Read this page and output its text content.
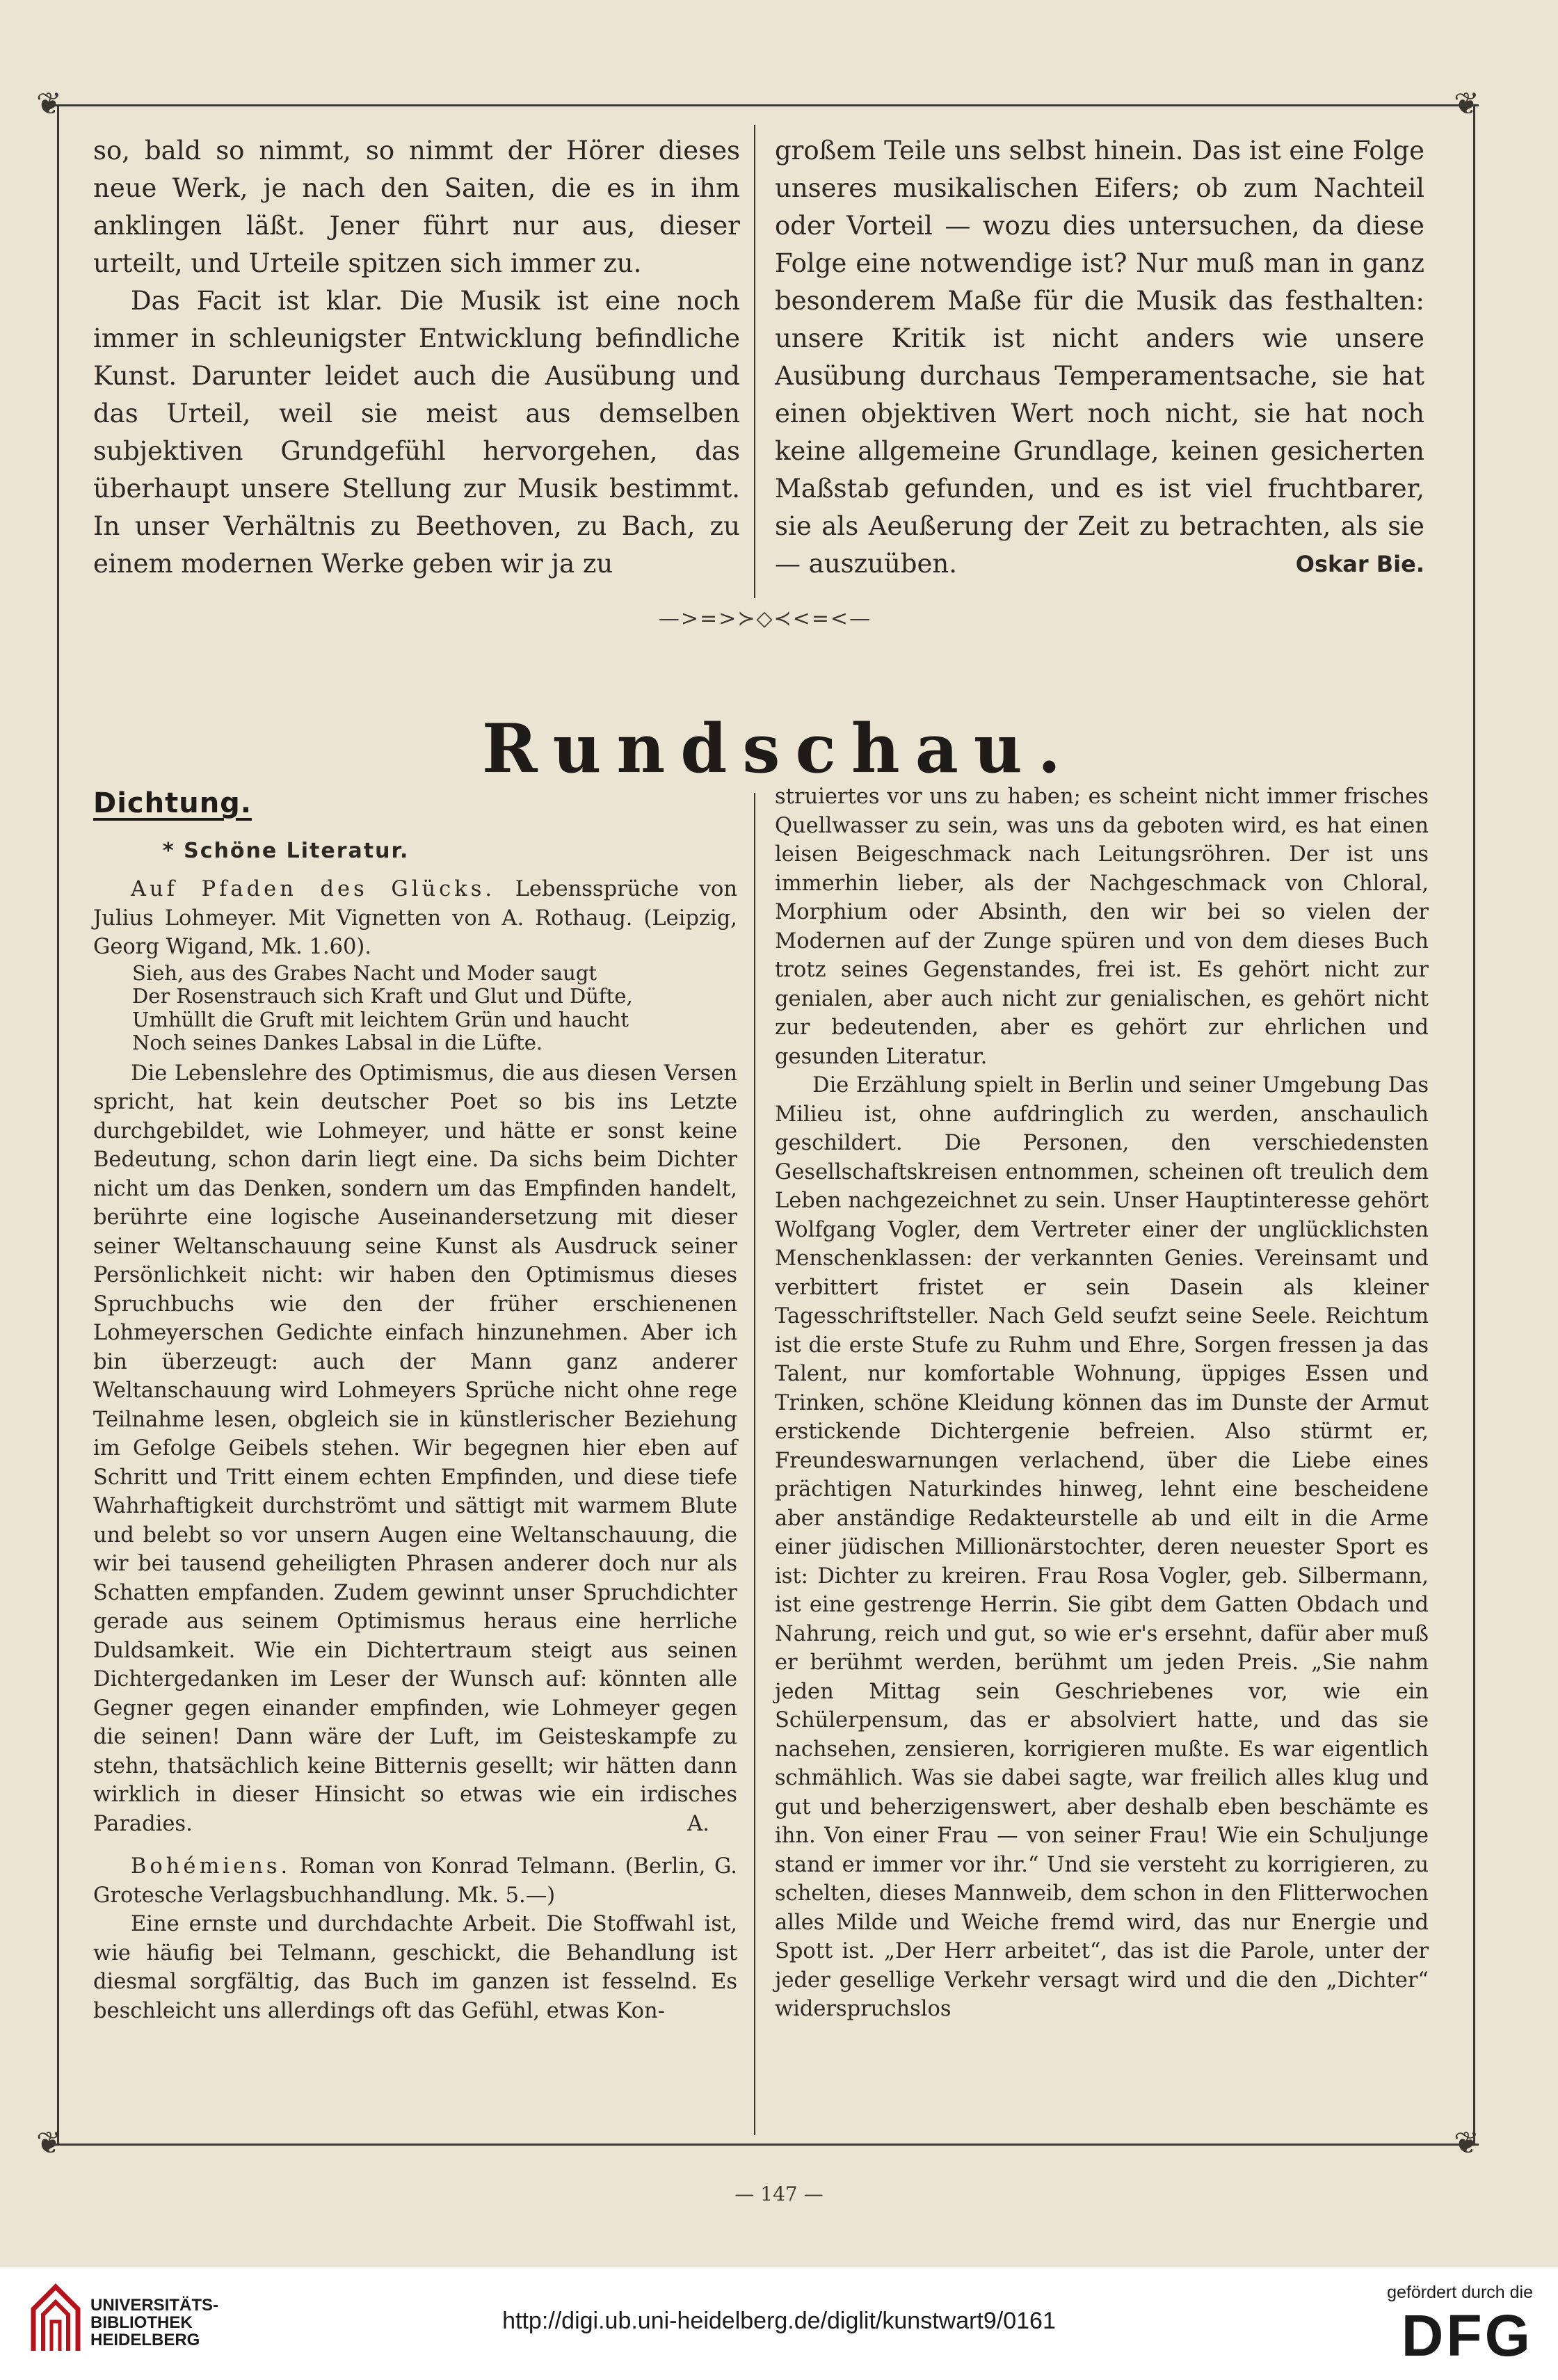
❦	❦
❦	❦

so, bald so nimmt, so nimmt der Hörer dieses neue Werk, je nach den Saiten, die es in ihm anklingen läßt. Jener führt nur aus, dieser urteilt, und Urteile spitzen sich immer zu.

Das Facit ist klar. Die Musik ist eine noch immer in schleunigster Entwicklung befindliche Kunst. Darunter leidet auch die Ausübung und das Urteil, weil sie meist aus demselben subjektiven Grundgefühl hervorgehen, das überhaupt unsere Stellung zur Musik bestimmt. In unser Verhältnis zu Beethoven, zu Bach, zu einem modernen Werke geben wir ja zu

großem Teile uns selbst hinein. Das ist eine Folge unseres musikalischen Eifers; ob zum Nachteil oder Vorteil — wozu dies untersuchen, da diese Folge eine notwendige ist? Nur muß man in ganz besonderem Maße für die Musik das festhalten: unsere Kritik ist nicht anders wie unsere Ausübung durchaus Temperamentsache, sie hat einen objektiven Wert noch nicht, sie hat noch keine allgemeine Grundlage, keinen gesicherten Maßstab gefunden, und es ist viel fruchtbarer, sie als Aeußerung der Zeit zu betrachten, als sie — auszuüben.	Oskar Bie.
—>=>≻◇≺<=<—
Rundschau.
Dichtung.
* Schöne Literatur.

Auf Pfaden des Glücks. Lebenssprüche von Julius Lohmeyer. Mit Vignetten von A. Rothaug. (Leipzig, Georg Wigand, Mk. 1.60).

Sieh, aus des Grabes Nacht und Moder saugt
Der Rosenstrauch sich Kraft und Glut und Düfte,
Umhüllt die Gruft mit leichtem Grün und haucht
Noch seines Dankes Labsal in die Lüfte.

Die Lebenslehre des Optimismus, die aus diesen Versen spricht, hat kein deutscher Poet so bis ins Letzte durchgebildet, wie Lohmeyer, und hätte er sonst keine Bedeutung, schon darin liegt eine. Da sichs beim Dichter nicht um das Denken, sondern um das Empfinden handelt, berührte eine logische Auseinandersetzung mit dieser seiner Weltanschauung seine Kunst als Ausdruck seiner Persönlichkeit nicht: wir haben den Optimismus dieses Spruchbuchs wie den der früher erschienenen Lohmeyerschen Gedichte einfach hinzunehmen. Aber ich bin überzeugt: auch der Mann ganz anderer Weltanschauung wird Lohmeyers Sprüche nicht ohne rege Teilnahme lesen, obgleich sie in künstlerischer Beziehung im Gefolge Geibels stehen. Wir begegnen hier eben auf Schritt und Tritt einem echten Empfinden, und diese tiefe Wahrhaftigkeit durchströmt und sättigt mit warmem Blute und belebt so vor unsern Augen eine Weltanschauung, die wir bei tausend geheiligten Phrasen anderer doch nur als Schatten empfanden. Zudem gewinnt unser Spruchdichter gerade aus seinem Optimismus heraus eine herrliche Duldsamkeit. Wie ein Dichtertraum steigt aus seinen Dichtergedanken im Leser der Wunsch auf: könnten alle Gegner gegen einander empfinden, wie Lohmeyer gegen die seinen! Dann wäre der Luft, im Geisteskampfe zu stehn, thatsächlich keine Bitternis gesellt; wir hätten dann wirklich in dieser Hinsicht so etwas wie ein irdisches Paradies.	A.

Bohémiens. Roman von Konrad Telmann. (Berlin, G. Grotesche Verlagsbuchhandlung. Mk. 5.—)

Eine ernste und durchdachte Arbeit. Die Stoffwahl ist, wie häufig bei Telmann, geschickt, die Behandlung ist diesmal sorgfältig, das Buch im ganzen ist fesselnd. Es beschleicht uns allerdings oft das Gefühl, etwas Kon-

struiertes vor uns zu haben; es scheint nicht immer frisches Quellwasser zu sein, was uns da geboten wird, es hat einen leisen Beigeschmack nach Leitungsröhren. Der ist uns immerhin lieber, als der Nachgeschmack von Chloral, Morphium oder Absinth, den wir bei so vielen der Modernen auf der Zunge spüren und von dem dieses Buch trotz seines Gegenstandes, frei ist. Es gehört nicht zur genialen, aber auch nicht zur genialischen, es gehört nicht zur bedeutenden, aber es gehört zur ehrlichen und gesunden Literatur.

Die Erzählung spielt in Berlin und seiner Umgebung Das Milieu ist, ohne aufdringlich zu werden, anschaulich geschildert. Die Personen, den verschiedensten Gesellschaftskreisen entnommen, scheinen oft treulich dem Leben nachgezeichnet zu sein. Unser Hauptinteresse gehört Wolfgang Vogler, dem Vertreter einer der unglücklichsten Menschenklassen: der verkannten Genies. Vereinsamt und verbittert fristet er sein Dasein als kleiner Tagesschriftsteller. Nach Geld seufzt seine Seele. Reichtum ist die erste Stufe zu Ruhm und Ehre, Sorgen fressen ja das Talent, nur komfortable Wohnung, üppiges Essen und Trinken, schöne Kleidung können das im Dunste der Armut erstickende Dichtergenie befreien. Also stürmt er, Freundeswarnungen verlachend, über die Liebe eines prächtigen Naturkindes hinweg, lehnt eine bescheidene aber anständige Redakteurstelle ab und eilt in die Arme einer jüdischen Millionärstochter, deren neuester Sport es ist: Dichter zu kreiren. Frau Rosa Vogler, geb. Silbermann, ist eine gestrenge Herrin. Sie gibt dem Gatten Obdach und Nahrung, reich und gut, so wie er's ersehnt, dafür aber muß er berühmt werden, berühmt um jeden Preis. „Sie nahm jeden Mittag sein Geschriebenes vor, wie ein Schülerpensum, das er absolviert hatte, und das sie nachsehen, zensieren, korrigieren mußte. Es war eigentlich schmählich. Was sie dabei sagte, war freilich alles klug und gut und beherzigenswert, aber deshalb eben beschämte es ihn. Von einer Frau — von seiner Frau! Wie ein Schuljunge stand er immer vor ihr.“ Und sie versteht zu korrigieren, zu schelten, dieses Mannweib, dem schon in den Flitterwochen alles Milde und Weiche fremd wird, das nur Energie und Spott ist. „Der Herr arbeitet“, das ist die Parole, unter der jeder gesellige Verkehr versagt wird und die den „Dichter“ widerspruchslos

— 147 —
UNIVERSITÄTS-
BIBLIOTHEK
HEIDELBERG
http://digi.ub.uni-heidelberg.de/diglit/kunstwart9/0161
gefördert durch die
DFG
